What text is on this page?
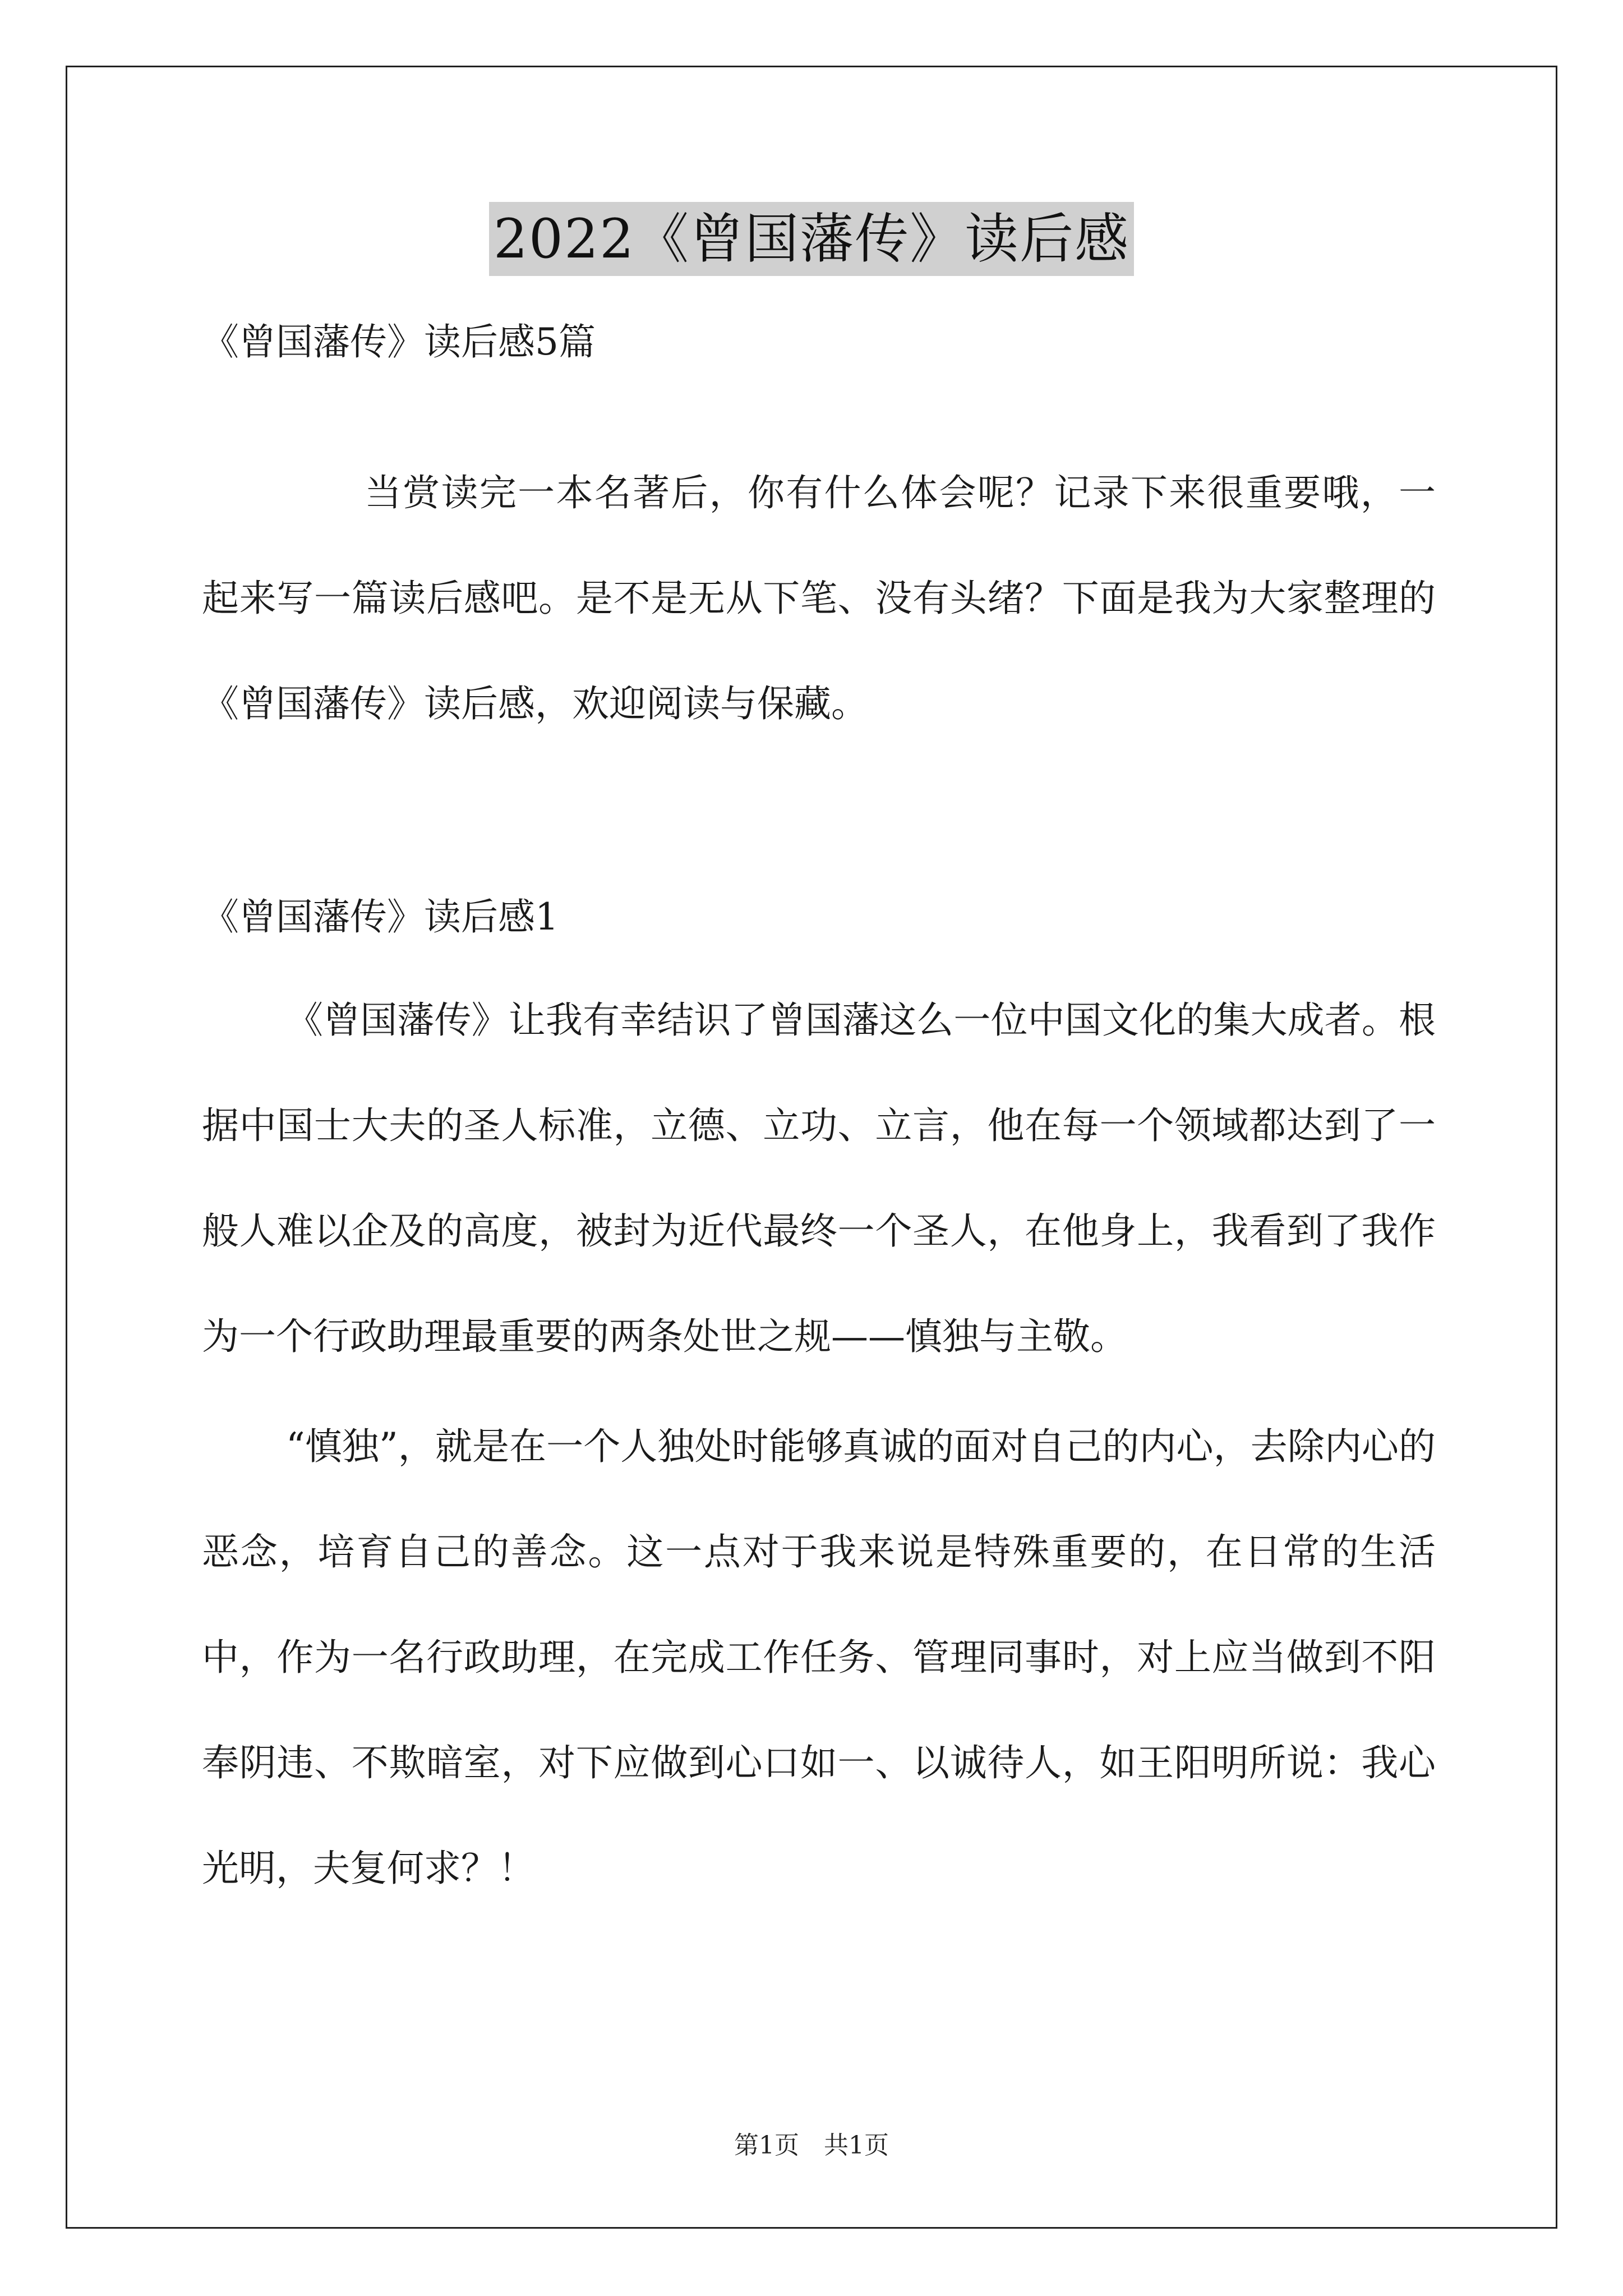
2022《曾国藩传》读后感

《曾国藩传》读后感5篇

当赏读完一本名著后，你有什么体会呢？记录下来很重要哦，一起来写一篇读后感吧。是不是无从下笔、没有头绪？下面是我为大家整理的《曾国藩传》读后感，欢迎阅读与保藏。

《曾国藩传》读后感1

《曾国藩传》让我有幸结识了曾国藩这么一位中国文化的集大成者。根据中国士大夫的圣人标准，立德、立功、立言，他在每一个领域都达到了一般人难以企及的高度，被封为近代最终一个圣人，在他身上，我看到了我作为一个行政助理最重要的两条处世之规——慎独与主敬。

“慎独”，就是在一个人独处时能够真诚的面对自己的内心，去除内心的恶念，培育自己的善念。这一点对于我来说是特殊重要的，在日常的生活中，作为一名行政助理，在完成工作任务、管理同事时，对上应当做到不阳奉阴违、不欺暗室，对下应做到心口如一、以诚待人，如王阳明所说：我心光明，夫复何求？！

第1页　共1页
